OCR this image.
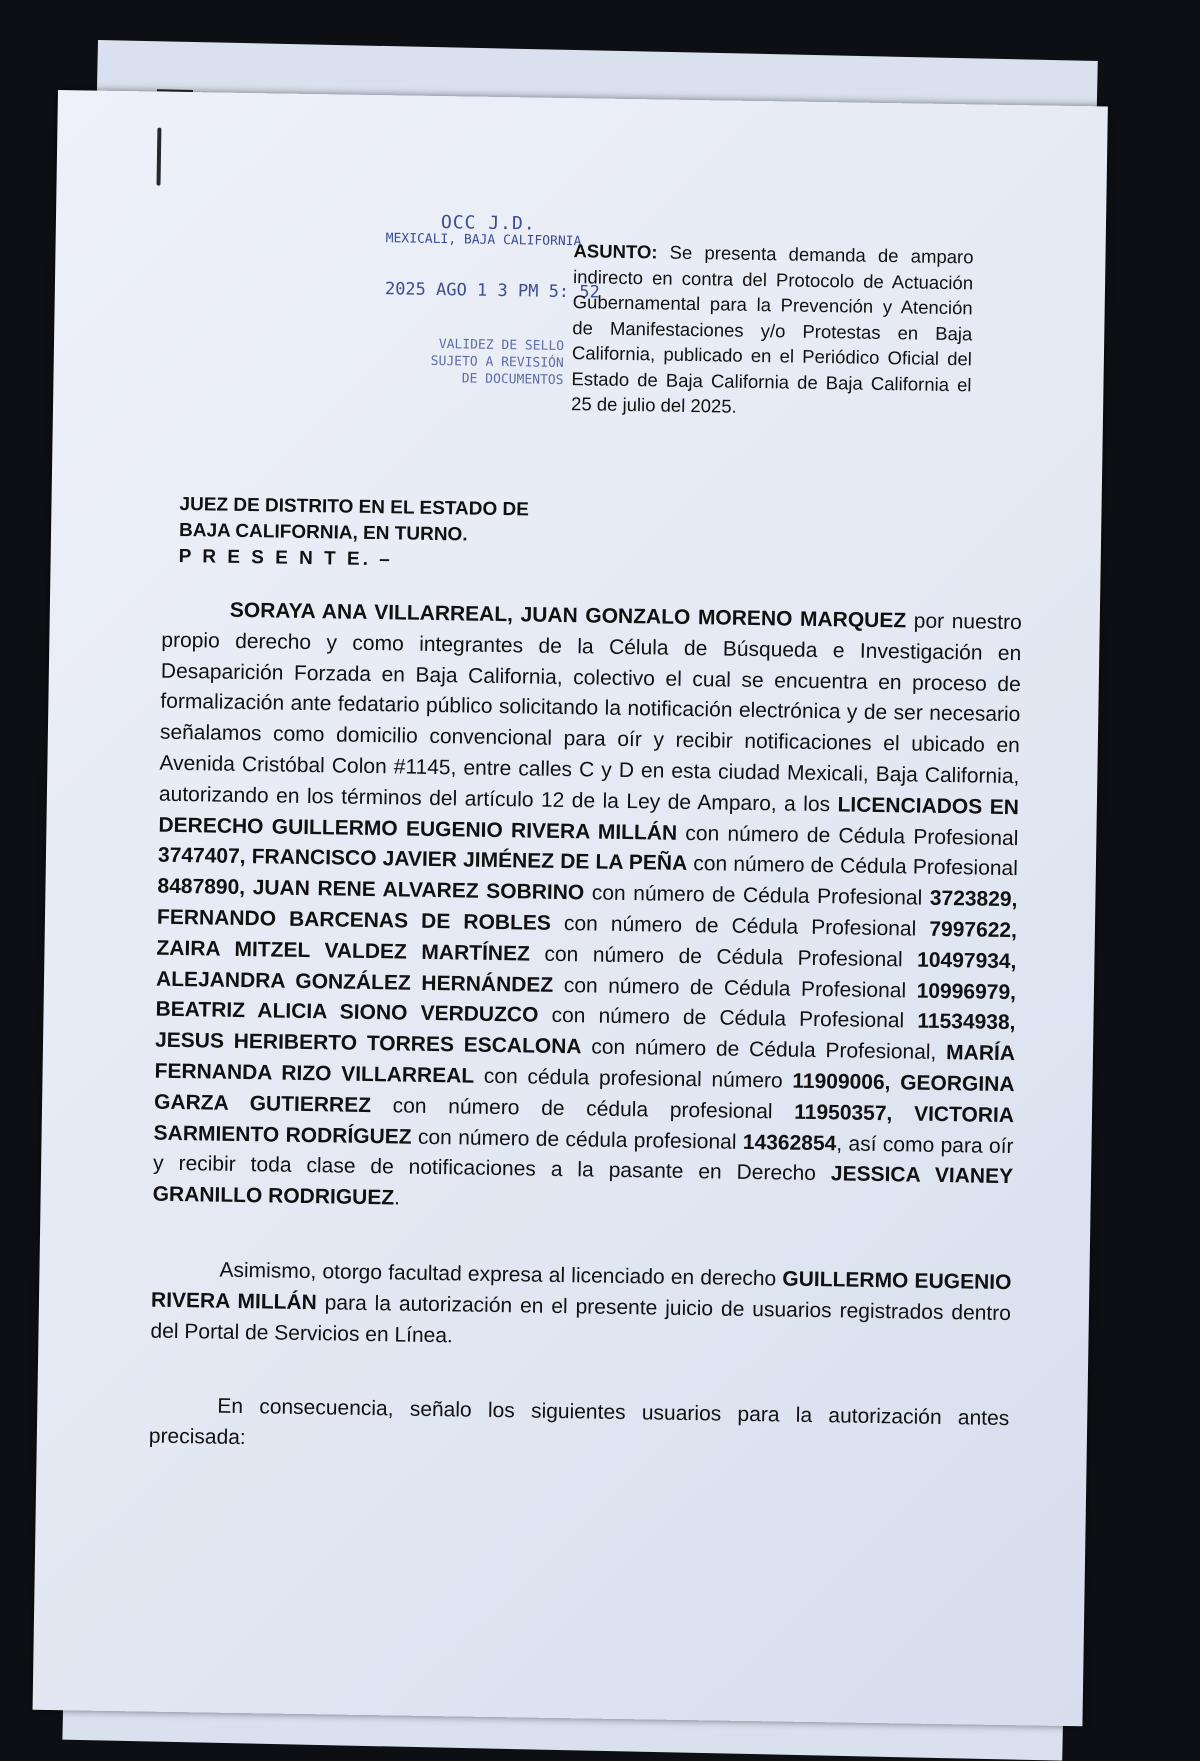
OCC J.D.
MEXICALI, BAJA CALIFORNIA
2025 AGO 1 3 PM 5: 52
VALIDEZ DE SELLO
SUJETO A REVISIÓN
DE DOCUMENTOS
ASUNTO: Se presenta demanda de amparo indirecto en contra del Protocolo de Actuación Gubernamental para la Prevención y Atención de Manifestaciones y/o Protestas en Baja California, publicado en el Periódico Oficial del Estado de Baja California de Baja California el 25 de julio del 2025.
JUEZ DE DISTRITO EN EL ESTADO DE
BAJA CALIFORNIA, EN TURNO.
P R E S E N T E. –

SORAYA ANA VILLARREAL, JUAN GONZALO MORENO MARQUEZ por nuestro propio derecho y como integrantes de la Célula de Búsqueda e Investigación en Desaparición Forzada en Baja California, colectivo el cual se encuentra en proceso de formalización ante fedatario público solicitando la notificación electrónica y de ser necesario señalamos como domicilio convencional para oír y recibir notificaciones el ubicado en Avenida Cristóbal Colon #1145, entre calles C y D en esta ciudad Mexicali, Baja California, autorizando en los términos del artículo 12 de la Ley de Amparo, a los LICENCIADOS EN DERECHO GUILLERMO EUGENIO RIVERA MILLÁN con número de Cédula Profesional 3747407, FRANCISCO JAVIER JIMÉNEZ DE LA PEÑA con número de Cédula Profesional 8487890, JUAN RENE ALVAREZ SOBRINO con número de Cédula Profesional 3723829, FERNANDO BARCENAS DE ROBLES con número de Cédula Profesional 7997622, ZAIRA MITZEL VALDEZ MARTÍNEZ con número de Cédula Profesional 10497934, ALEJANDRA GONZÁLEZ HERNÁNDEZ con número de Cédula Profesional 10996979, BEATRIZ ALICIA SIONO VERDUZCO con número de Cédula Profesional 11534938, JESUS HERIBERTO TORRES ESCALONA con número de Cédula Profesional, MARÍA FERNANDA RIZO VILLARREAL con cédula profesional número 11909006, GEORGINA GARZA GUTIERREZ con número de cédula profesional 11950357, VICTORIA SARMIENTO RODRÍGUEZ con número de cédula profesional 14362854, así como para oír y recibir toda clase de notificaciones a la pasante en Derecho JESSICA VIANEY GRANILLO RODRIGUEZ.

Asimismo, otorgo facultad expresa al licenciado en derecho GUILLERMO EUGENIO RIVERA MILLÁN para la autorización en el presente juicio de usuarios registrados dentro del Portal de Servicios en Línea.

En consecuencia, señalo los siguientes usuarios para la autorización antes precisada:
